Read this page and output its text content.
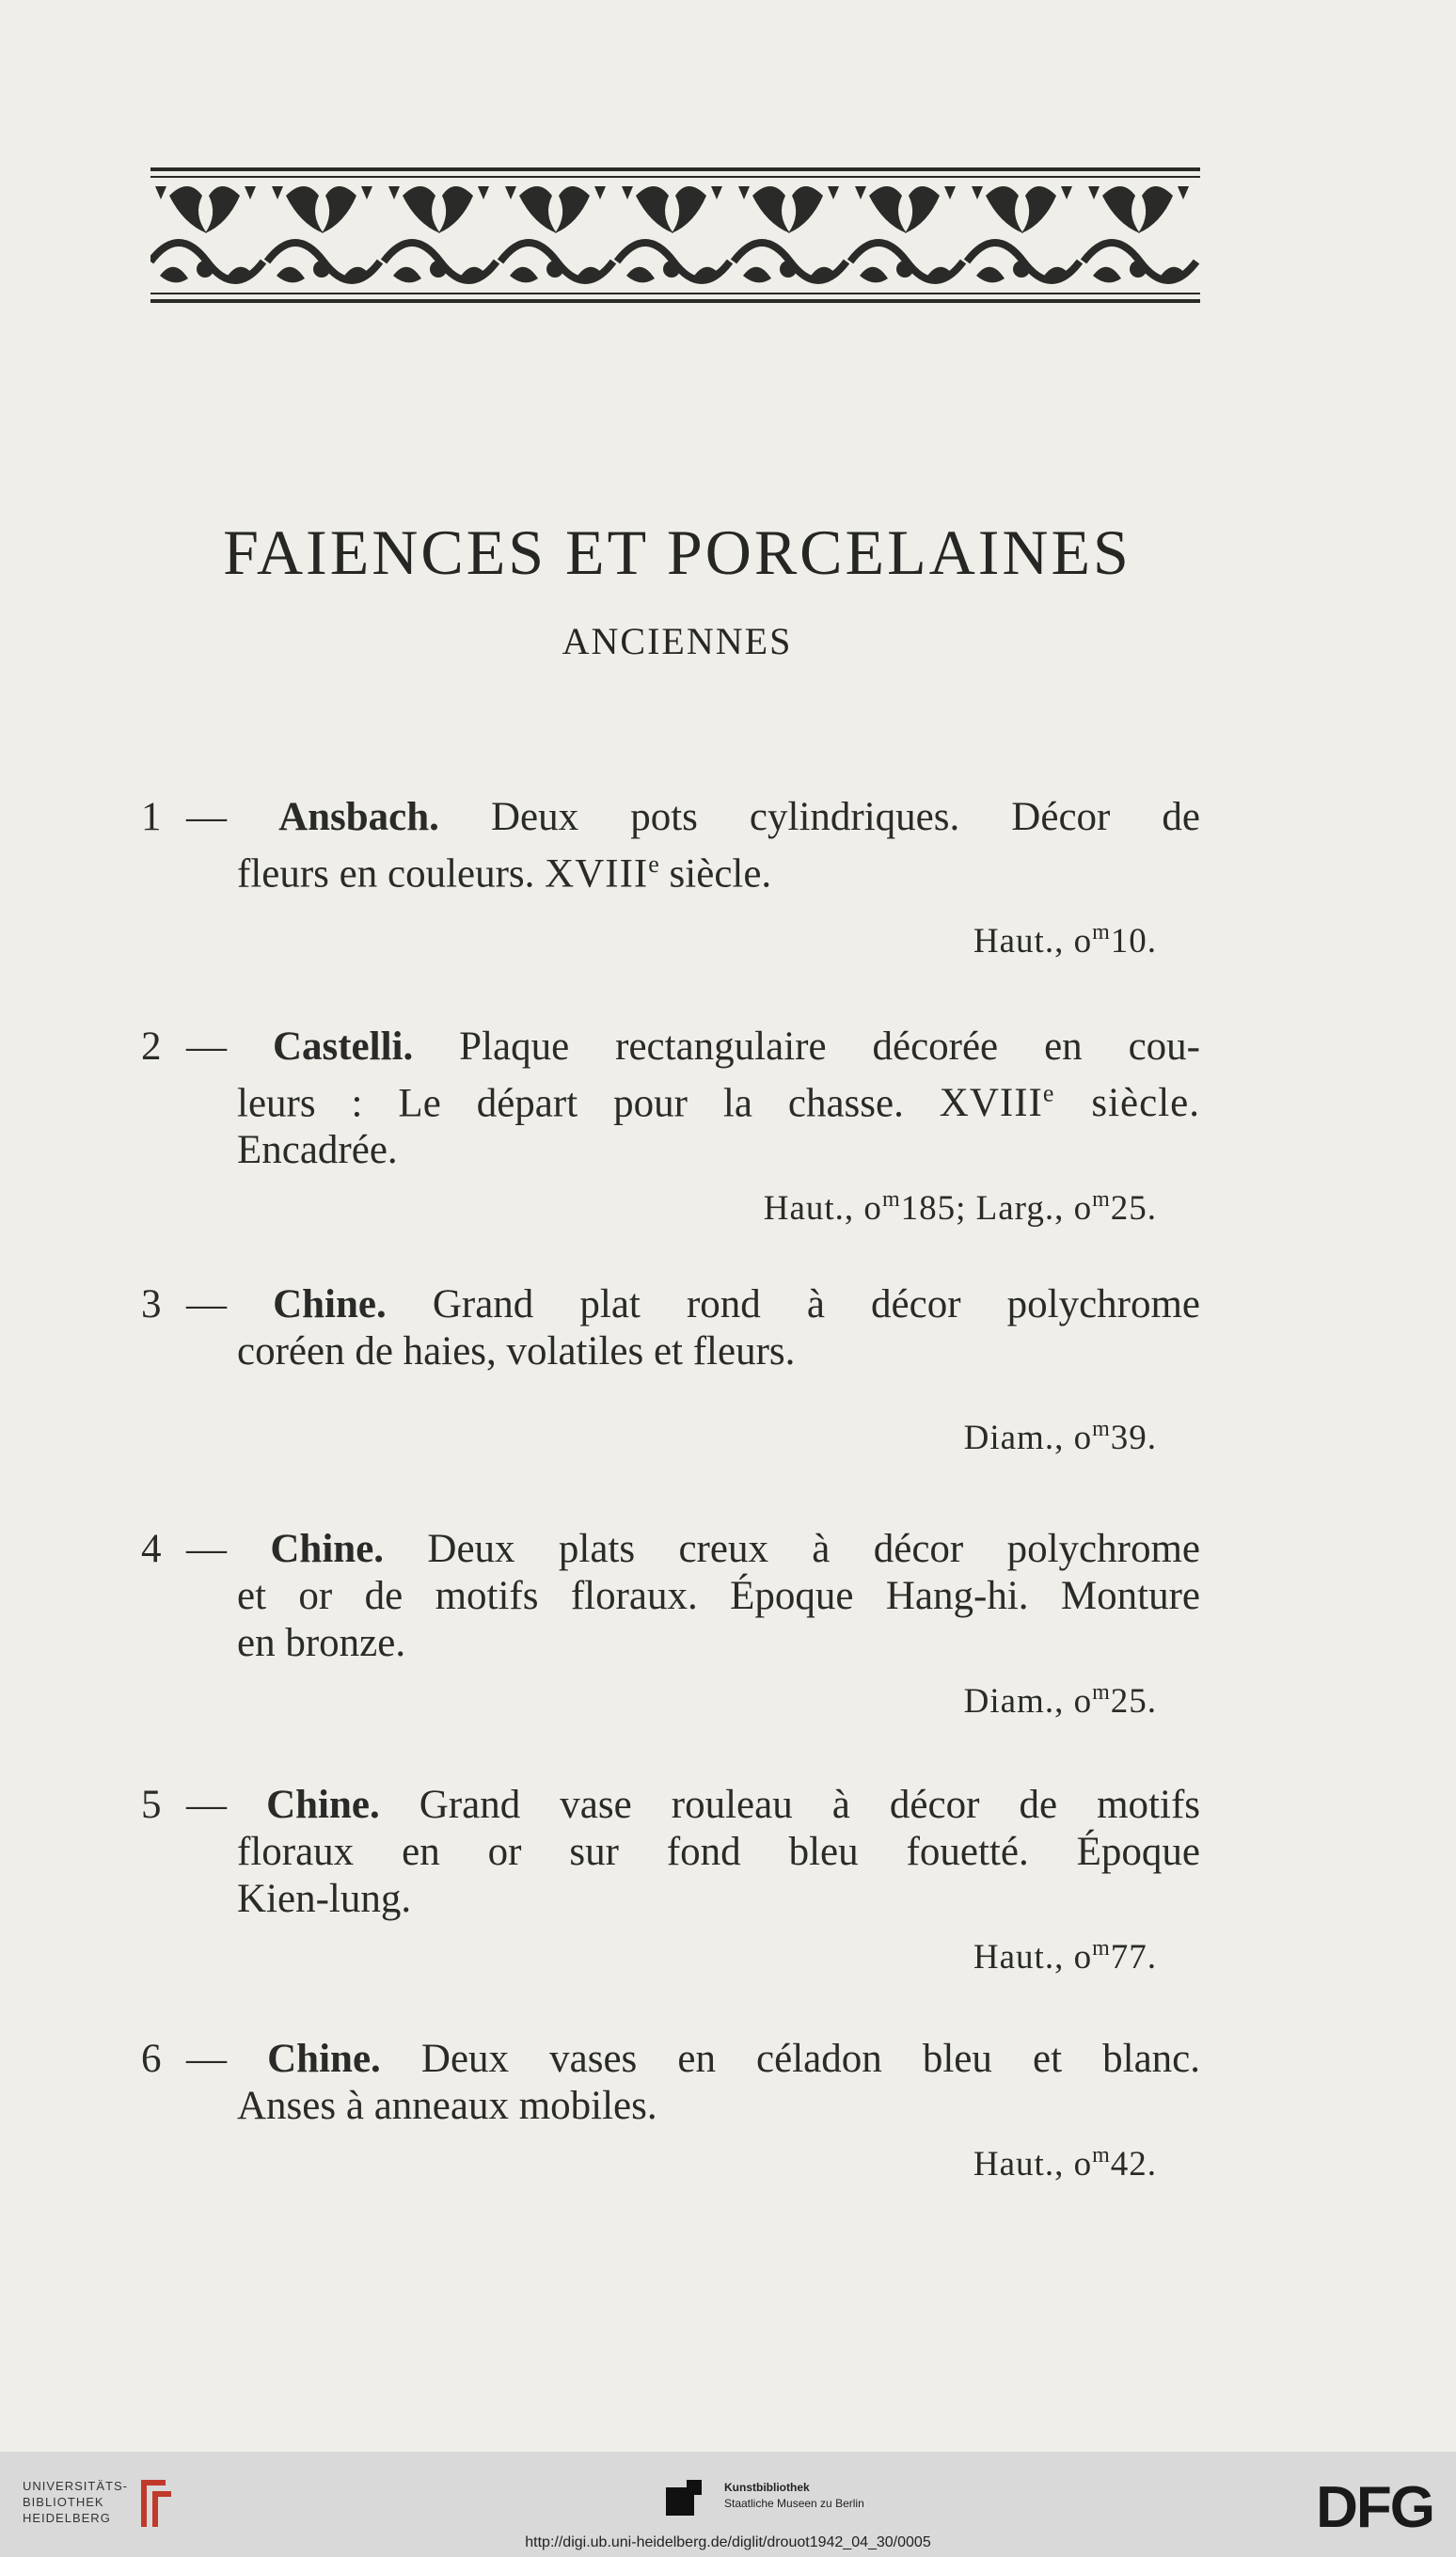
FAIENCES ET PORCELAINES
ANCIENNES
1 — Ansbach. Deux pots cylindriques. Décor de
fleurs en couleurs. XVIIIe siècle.
Haut., $o^m10$.
2 — Castelli. Plaque rectangulaire décorée en cou-
leurs : Le départ pour la chasse. XVIIIe siècle.
Encadrée.
Haut., $o^m185$; Larg., $o^m25$.
3 — Chine. Grand plat rond à décor polychrome
coréen de haies, volatiles et fleurs.
Diam., $o^m39$.
4 — Chine. Deux plats creux à décor polychrome
et or de motifs floraux. Époque Hang-hi. Monture
en bronze.
Diam., $o^m25$.
5 — Chine. Grand vase rouleau à décor de motifs
floraux en or sur fond bleu fouetté. Époque
Kien-lung.
Haut., $o^m77$.
6 — Chine. Deux vases en céladon bleu et blanc.
Anses à anneaux mobiles.
Haut., $o^m42$.
UNIVERSITÄTS-
BIBLIOTHEK
HEIDELBERG
Kunstbibliothek
Staatliche Museen zu Berlin	DFG
http://digi.ub.uni-heidelberg.de/diglit/drouot1942_04_30/0005
